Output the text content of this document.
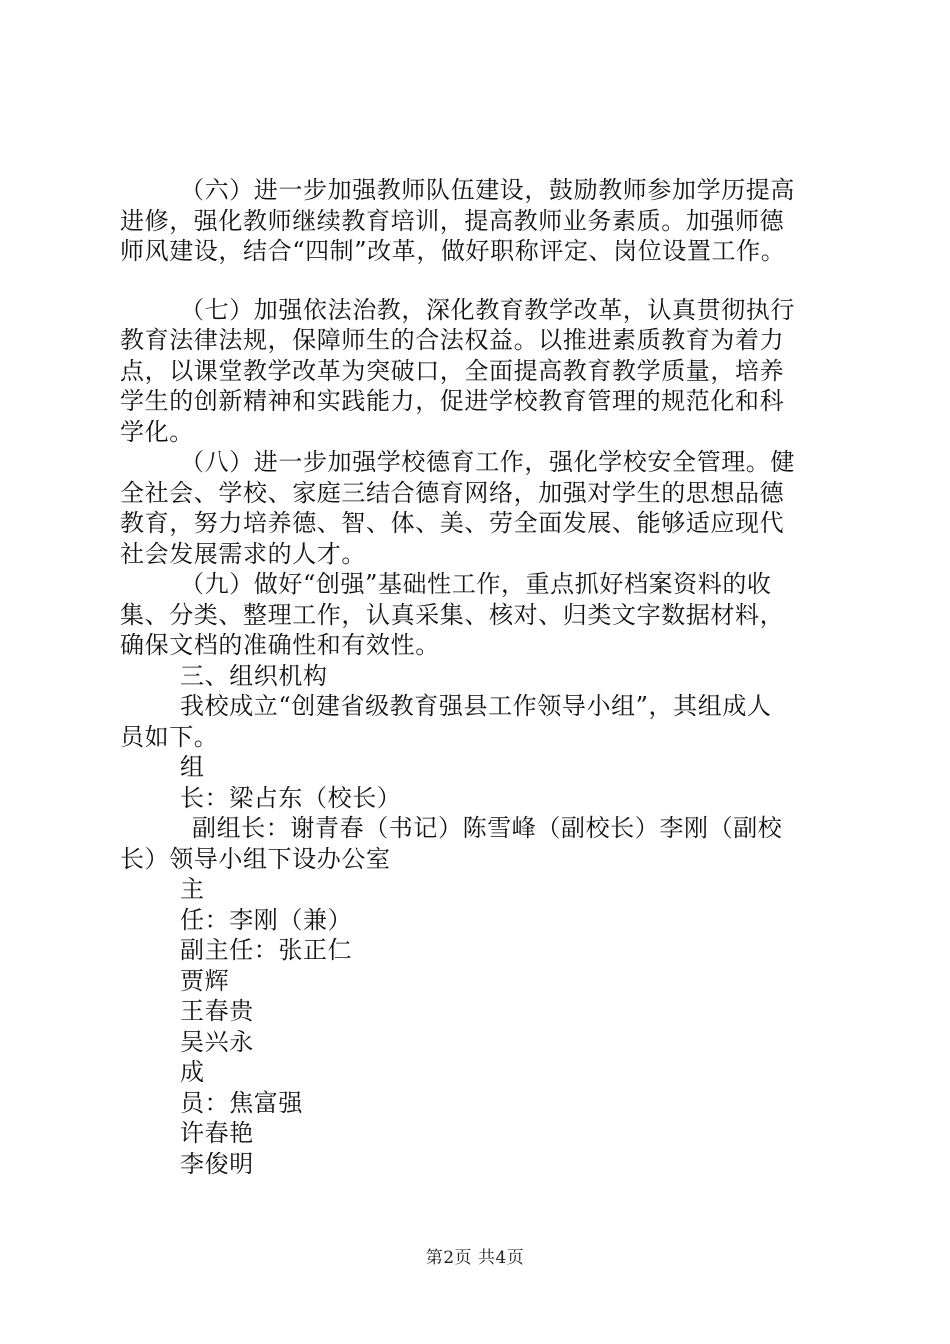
（六）进一步加强教师队伍建设，鼓励教师参加学历提高
进修，强化教师继续教育培训，提高教师业务素质。加强师德
师风建设，结合“四制”改革，做好职称评定、岗位设置工作。
（七）加强依法治教，深化教育教学改革，认真贯彻执行
教育法律法规，保障师生的合法权益。以推进素质教育为着力
点，以课堂教学改革为突破口，全面提高教育教学质量，培养
学生的创新精神和实践能力，促进学校教育管理的规范化和科
学化。
（八）进一步加强学校德育工作，强化学校安全管理。健
全社会、学校、家庭三结合德育网络，加强对学生的思想品德
教育，努力培养德、智、体、美、劳全面发展、能够适应现代
社会发展需求的人才。
（九）做好“创强”基础性工作，重点抓好档案资料的收
集、分类、整理工作，认真采集、核对、归类文字数据材料，
确保文档的准确性和有效性。
三、组织机构
我校成立“创建省级教育强县工作领导小组”，其组成人
员如下。
组
长：梁占东（校长）
副组长：谢青春（书记）陈雪峰（副校长）李刚（副校
长）领导小组下设办公室
主
任：李刚（兼）
副主任：张正仁
贾辉
王春贵
吴兴永
成
员：焦富强
许春艳
李俊明
第2页 共4页
